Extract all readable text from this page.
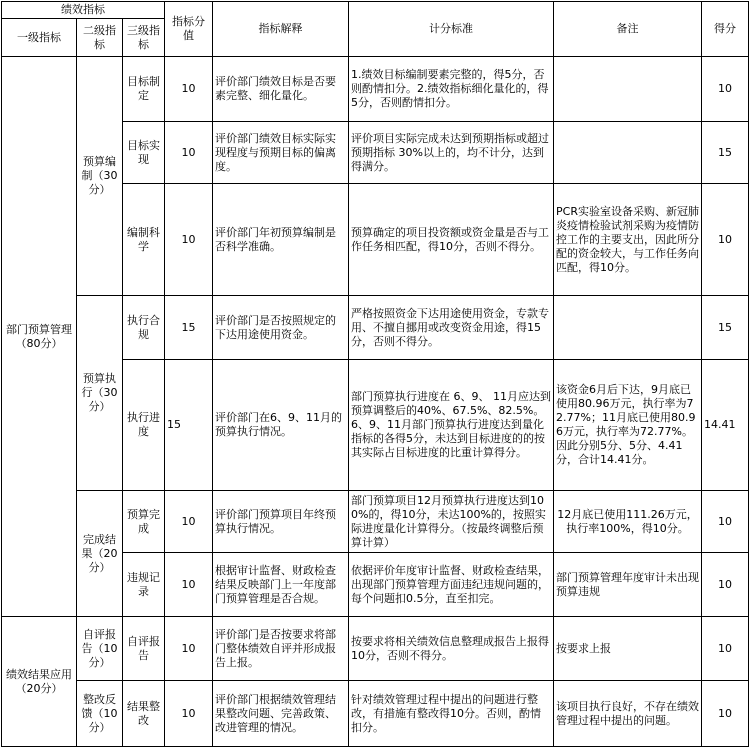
绩效指标			指标分值	指标解释	计分标准	备注	得分
一级指标	二级指标	三级指标					
部门预算管理（80分）	预算编制（30分）	目标制定	10	评价部门绩效目标是否要素完整、细化量化。	1.绩效目标编制要素完整的，得5分，否则酌情扣分。2.绩效指标细化量化的，得5分，否则酌情扣分。		10
		目标实现	10	评价部门绩效目标实际实现程度与预期目标的偏离度。	评价项目实际完成未达到预期指标或超过预期指标 30%以上的，均不计分，达到得满分。		15
		编制科学	10	评价部门年初预算编制是否科学准确。	预算确定的项目投资额或资金量是否与工作任务相匹配，得10分，否则不得分。	PCR实验室设备采购、新冠肺炎疫情检验试剂采购为疫情防控工作的主要支出，因此所分配的资金较大，与工作任务向匹配，得10分。	10
	预算执行（30分）	执行合规	15	评价部门是否按照规定的下达用途使用资金。	严格按照资金下达用途使用资金，专款专用、不擅自挪用或改变资金用途，得15分，否则不得分。		15
		执行进度	15	评价部门在6、9、11月的预算执行情况。	部门预算执行进度在 6、9、 11月应达到预算调整后的40%、67.5%、82.5%。6、9、11月部门预算执行进度达到量化指标的各得5分，未达到目标进度的的按其实际占目标进度的比重计算得分。	该资金6月后下达，9月底已使用80.96万元，执行率为72.77%；11月底已使用80.96万元，执行率为72.77%。因此分别5分、5分、4.41分，合计14.41分。	14.41
	完成结果（20分）	预算完成	10	评价部门预算项目年终预算执行情况。	部门预算项目12月预算执行进度达到100%的，得10分，未达100%的，按照实际进度量化计算得分。（按最终调整后预算计算）	12月底已使用111.26万元，执行率100%，得10分。	10
		违规记录	10	根据审计监督、财政检查结果反映部门上一年度部门预算管理是否合规。	依据评价年度审计监督、财政检查结果，出现部门预算管理方面违纪违规问题的，每个问题扣0.5分，直至扣完。	部门预算管理年度审计未出现预算违规	10
绩效结果应用（20分）	自评报告（10分）	自评报告	10	评价部门是否按要求将部门整体绩效自评并形成报告上报。	按要求将相关绩效信息整理成报告上报得10分，否则不得分。	按要求上报	10
	整改反馈（10分）	结果整改	10	评价部门根据绩效管理结果整改问题、完善政策、改进管理的情况。	针对绩效管理过程中提出的问题进行整改，有措施有整改得10分。否则，酌情扣分。	该项目执行良好，不存在绩效管理过程中提出的问题。	10
